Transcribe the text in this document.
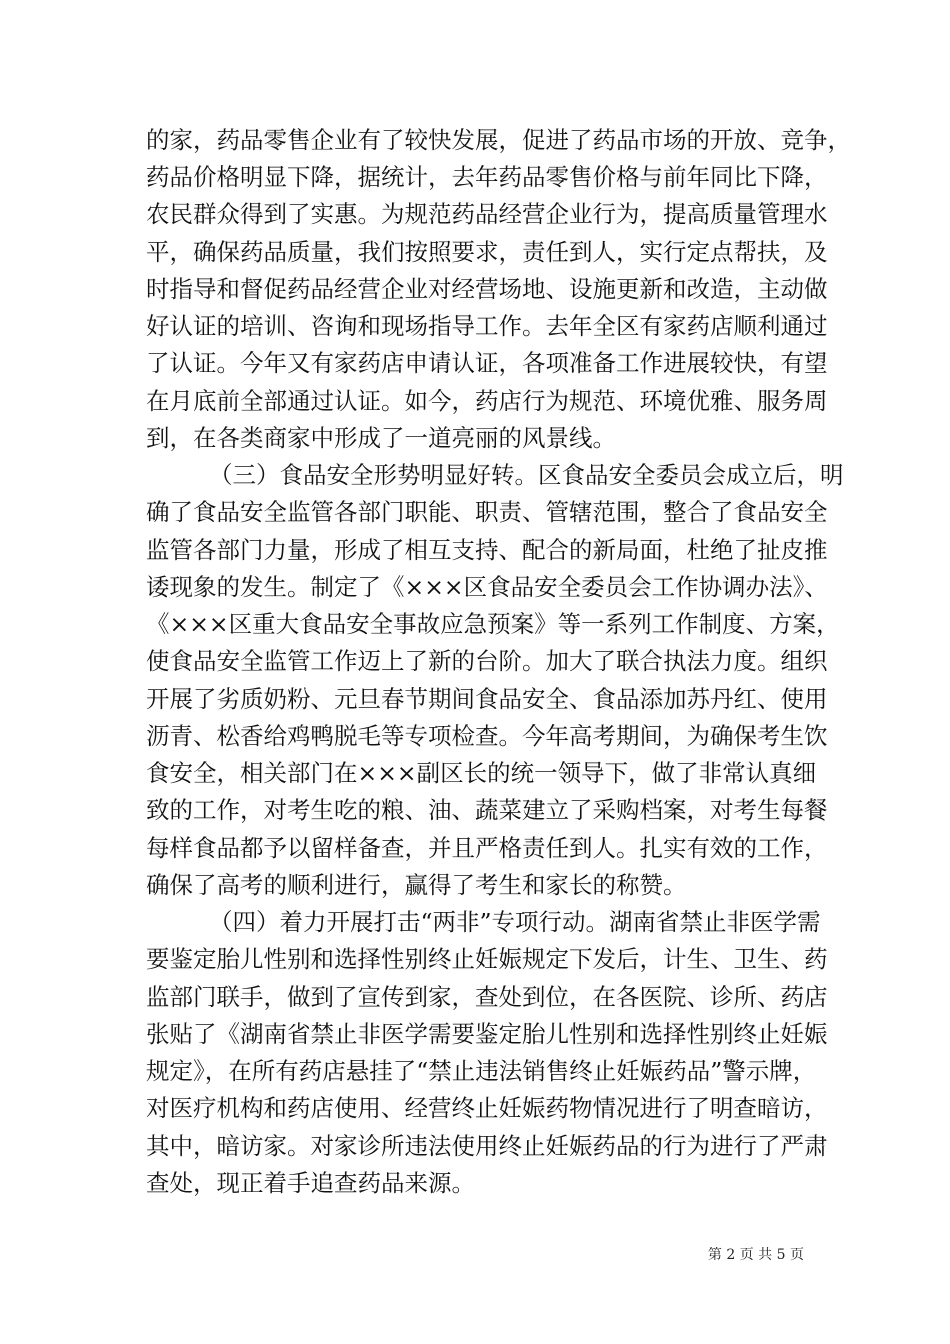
的家，药品零售企业有了较快发展，促进了药品市场的开放、竞争，
药品价格明显下降，据统计，去年药品零售价格与前年同比下降，
农民群众得到了实惠。为规范药品经营企业行为，提高质量管理水
平，确保药品质量，我们按照要求，责任到人，实行定点帮扶，及
时指导和督促药品经营企业对经营场地、设施更新和改造，主动做
好认证的培训、咨询和现场指导工作。去年全区有家药店顺利通过
了认证。今年又有家药店申请认证，各项准备工作进展较快，有望
在月底前全部通过认证。如今，药店行为规范、环境优雅、服务周
到，在各类商家中形成了一道亮丽的风景线。
（三）食品安全形势明显好转。区食品安全委员会成立后，明
确了食品安全监管各部门职能、职责、管辖范围，整合了食品安全
监管各部门力量，形成了相互支持、配合的新局面，杜绝了扯皮推
诿现象的发生。制定了《×××区食品安全委员会工作协调办法》、
《×××区重大食品安全事故应急预案》等一系列工作制度、方案，
使食品安全监管工作迈上了新的台阶。加大了联合执法力度。组织
开展了劣质奶粉、元旦春节期间食品安全、食品添加苏丹红、使用
沥青、松香给鸡鸭脱毛等专项检查。今年高考期间，为确保考生饮
食安全，相关部门在×××副区长的统一领导下，做了非常认真细
致的工作，对考生吃的粮、油、蔬菜建立了采购档案，对考生每餐
每样食品都予以留样备查，并且严格责任到人。扎实有效的工作，
确保了高考的顺利进行，赢得了考生和家长的称赞。
（四）着力开展打击“两非”专项行动。湖南省禁止非医学需
要鉴定胎儿性别和选择性别终止妊娠规定下发后，计生、卫生、药
监部门联手，做到了宣传到家，查处到位，在各医院、诊所、药店
张贴了《湖南省禁止非医学需要鉴定胎儿性别和选择性别终止妊娠
规定》，在所有药店悬挂了“禁止违法销售终止妊娠药品”警示牌，
对医疗机构和药店使用、经营终止妊娠药物情况进行了明查暗访，
其中，暗访家。对家诊所违法使用终止妊娠药品的行为进行了严肃
查处，现正着手追查药品来源。
第 2 页 共 5 页
